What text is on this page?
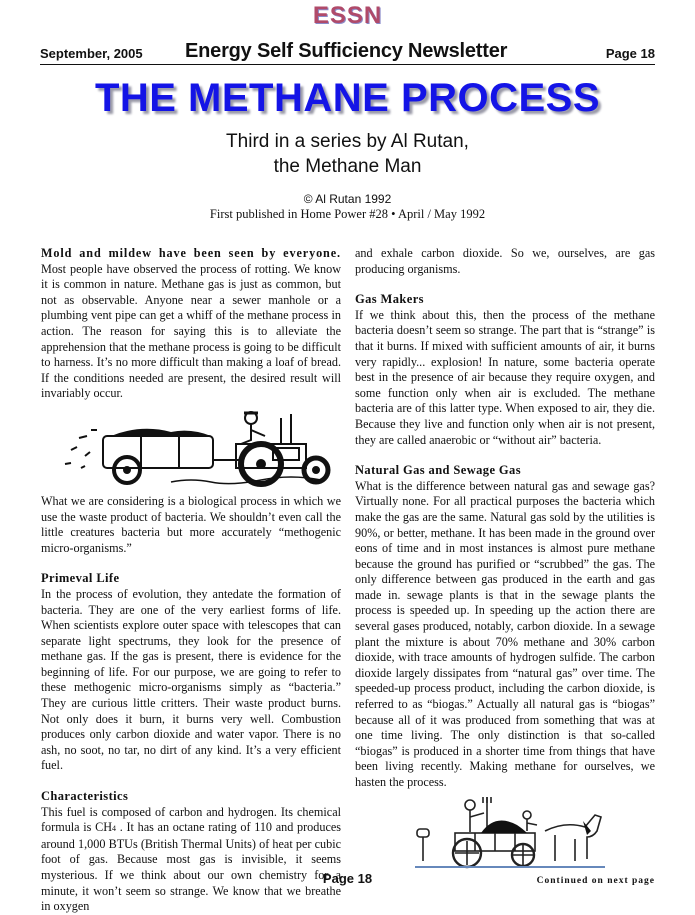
ESSN
September, 2005 Energy Self Sufficiency Newsletter	Page 18
THE METHANE PROCESS
Third in a series by Al Rutan,
the Methane Man
© Al Rutan 1992
First published in Home Power #28 • April / May 1992

Mold and mildew have been seen by everyone. Most people have observed the process of rotting. We know it is common in nature. Methane gas is just as common, but not as observable. Anyone near a sewer manhole or a plumbing vent pipe can get a whiff of the methane process in action. The reason for saying this is to alleviate the apprehension that the methane process is going to be difficult to harness. It’s no more difficult than making a loaf of bread. If the conditions needed are present, the desired result will invariably occur.

What we are considering is a biological process in which we use the waste product of bacteria. We shouldn’t even call the little creatures bacteria but more accurately “methogenic micro-organisms.”

Primeval Life

In the process of evolution, they antedate the formation of bacteria. They are one of the very earliest forms of life. When scientists explore outer space with telescopes that can separate light spectrums, they look for the presence of methane gas. If the gas is present, there is evidence for the beginning of life. For our purpose, we are going to refer to these methogenic micro-organisms simply as “bacteria.” They are curious little critters. Their waste product burns. Not only does it burn, it burns very well. Combustion produces only carbon dioxide and water vapor. There is no ash, no soot, no tar, no dirt of any kind. It’s a very efficient fuel.

Characteristics

This fuel is composed of carbon and hydrogen. Its chemical formula is CH4 . It has an octane rating of 110 and produces around 1,000 BTUs (British Thermal Units) of heat per cubic foot of gas. Because most gas is invisible, it seems mysterious. If we think about our own chemistry for a minute, it won’t seem so strange. We know that we breathe in oxygen

and exhale carbon dioxide. So we, ourselves, are gas producing organisms.

Gas Makers

If we think about this, then the process of the methane bacteria doesn’t seem so strange. The part that is “strange” is that it burns. If mixed with sufficient amounts of air, it burns very rapidly... explosion! In nature, some bacteria operate best in the presence of air because they require oxygen, and some function only when air is excluded. The methane bacteria are of this latter type. When exposed to air, they die. Because they live and function only when air is not present, they are called anaerobic or “without air” bacteria.

Natural Gas and Sewage Gas

What is the difference between natural gas and sewage gas? Virtually none. For all practical purposes the bacteria which make the gas are the same. Natural gas sold by the utilities is 90%, or better, methane. It has been made in the ground over eons of time and in most instances is almost pure methane because the ground has purified or “scrubbed” the gas. The only difference between gas produced in the earth and gas made in. sewage plants is that in the sewage plants the process is speeded up. In speeding up the action there are several gases produced, notably, carbon dioxide. In a sewage plant the mixture is about 70% methane and 30% carbon dioxide, with trace amounts of hydrogen sulfide. The carbon dioxide largely dissipates from “natural gas” over time. The speeded-up process product, including the carbon dioxide, is referred to as “biogas.” Actually all natural gas is “biogas” because all of it was produced from something that was at one time living. The only distinction is that so-called “biogas” is produced in a shorter time from things that have been living recently. Making methane for ourselves, we hasten the process.

Continued on next page
Page 18
